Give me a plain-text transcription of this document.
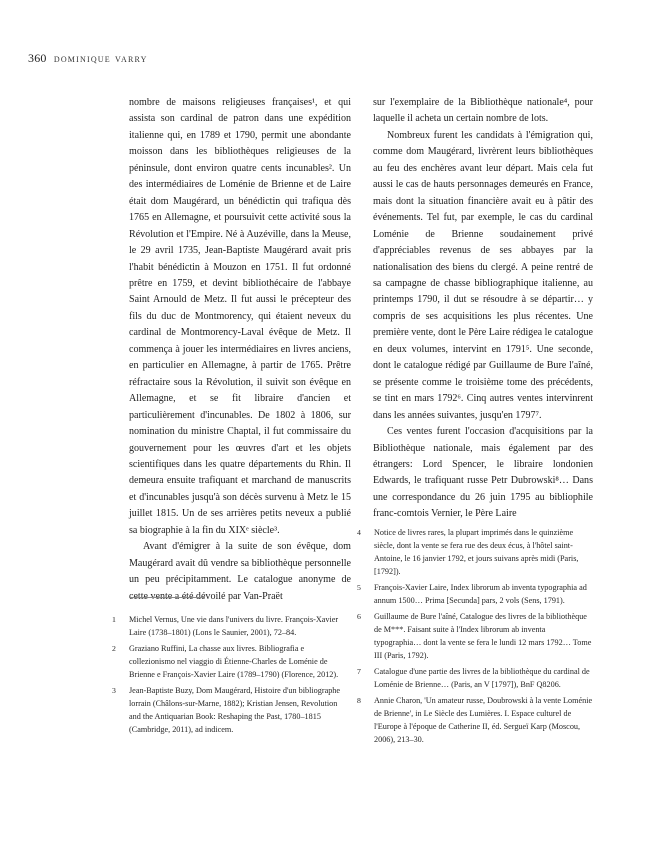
360 dominique varry

nombre de maisons religieuses françaises¹, et qui assista son cardinal de patron dans une expédition italienne qui, en 1789 et 1790, permit une abondante moisson dans les bibliothèques religieuses de la péninsule, dont environ quatre cents incunables². Un des intermédiaires de Loménie de Brienne et de Laire était dom Maugérard, un bénédictin qui trafiqua dès 1765 en Allemagne, et poursuivit cette activité sous la Révolution et l'Empire. Né à Auzéville, dans la Meuse, le 29 avril 1735, Jean-Baptiste Maugérard avait pris l'habit bénédictin à Mouzon en 1751. Il fut ordonné prêtre en 1759, et devint bibliothécaire de l'abbaye Saint Arnould de Metz. Il fut aussi le précepteur des fils du duc de Montmorency, qui étaient neveux du cardinal de Montmorency-Laval évêque de Metz. Il commença à jouer les intermédiaires en livres anciens, en particulier en Allemagne, à partir de 1765. Prêtre réfractaire sous la Révolution, il suivit son évêque en Allemagne, et se fit libraire d'ancien et particulièrement d'incunables. De 1802 à 1806, sur nomination du ministre Chaptal, il fut commissaire du gouvernement pour les œuvres d'art et les objets scientifiques dans les quatre départements du Rhin. Il demeura ensuite trafiquant et marchand de manuscrits et d'incunables jusqu'à son décès survenu à Metz le 15 juillet 1815. Un de ses arrières petits neveux a publié sa biographie à la fin du XIXᵉ siècle³.

Avant d'émigrer à la suite de son évêque, dom Maugérard avait dû vendre sa bibliothèque personnelle un peu précipitamment. Le catalogue anonyme de cette vente a été dévoilé par Van-Praët

sur l'exemplaire de la Bibliothèque nationale⁴, pour laquelle il acheta un certain nombre de lots.

Nombreux furent les candidats à l'émigration qui, comme dom Maugérard, livrèrent leurs bibliothèques au feu des enchères avant leur départ. Mais cela fut aussi le cas de hauts personnages demeurés en France, mais dont la situation financière avait eu à pâtir des événements. Tel fut, par exemple, le cas du cardinal Loménie de Brienne soudainement privé d'appréciables revenus de ses abbayes par la nationalisation des biens du clergé. A peine rentré de sa campagne de chasse bibliographique italienne, au printemps 1790, il dut se résoudre à se départir… y compris de ses acquisitions les plus récentes. Une première vente, dont le Père Laire rédigea le catalogue en deux volumes, intervint en 1791⁵. Une seconde, dont le catalogue rédigé par Guillaume de Bure l'aîné, se présente comme le troisième tome des précédents, se tint en mars 1792⁶. Cinq autres ventes intervinrent dans les années suivantes, jusqu'en 1797⁷.

Ces ventes furent l'occasion d'acquisitions par la Bibliothèque nationale, mais également par des étrangers: Lord Spencer, le libraire londonien Edwards, le trafiquant russe Petr Dubrowski⁸… Dans une correspondance du 26 juin 1795 au bibliophile franc-comtois Vernier, le Père Laire

1	Michel Vernus, Une vie dans l'univers du livre. François-Xavier Laire (1738–1801) (Lons le Saunier, 2001), 72–84.
2	Graziano Ruffini, La chasse aux livres. Bibliografia e collezionismo nel viaggio di Étienne-Charles de Loménie de Brienne e François-Xavier Laire (1789–1790) (Florence, 2012).
3	Jean-Baptiste Buzy, Dom Maugérard, Histoire d'un bibliographe lorrain (Châlons-sur-Marne, 1882); Kristian Jensen, Revolution and the Antiquarian Book: Reshaping the Past, 1780–1815 (Cambridge, 2011), ad indicem.
4	Notice de livres rares, la plupart imprimés dans le quinzième siècle, dont la vente se fera rue des deux écus, à l'hôtel saint-Antoine, le 16 janvier 1792, et jours suivans après midi (Paris, [1792]).
5	François-Xavier Laire, Index librorum ab inventa typographia ad annum 1500… Prima [Secunda] pars, 2 vols (Sens, 1791).
6	Guillaume de Bure l'aîné, Catalogue des livres de la bibliothèque de M***. Faisant suite à l'Index librorum ab inventa typographia… dont la vente se fera le lundi 12 mars 1792… Tome III (Paris, 1792).
7	Catalogue d'une partie des livres de la bibliothèque du cardinal de Loménie de Brienne… (Paris, an V [1797]), BnF Q8206.
8	Annie Charon, 'Un amateur russe, Doubrowski à la vente Loménie de Brienne', in Le Siècle des Lumières. I. Espace culturel de l'Europe à l'époque de Catherine II, éd. Sergueï Karp (Moscou, 2006), 213–30.
